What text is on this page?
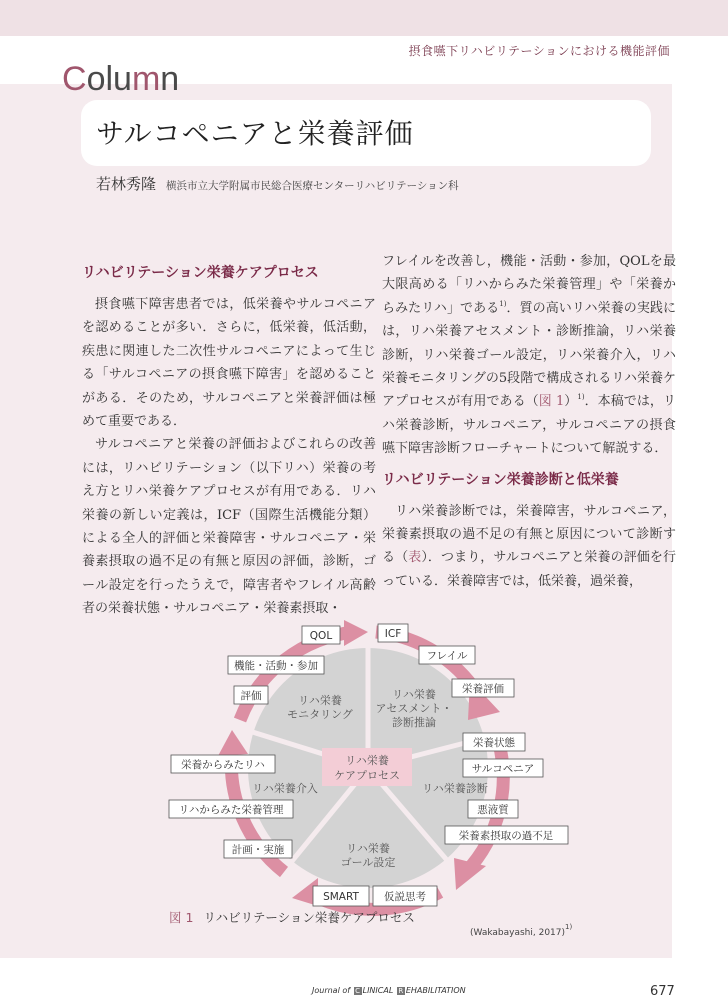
摂食嚥下リハビリテーションにおける機能評価
Column
サルコペニアと栄養評価
若林秀隆 横浜市立大学附属市民総合医療センターリハビリテーション科
リハビリテーション栄養ケアプロセス

摂食嚥下障害患者では，低栄養やサルコペニアを認めることが多い．さらに，低栄養，低活動，疾患に関連した二次性サルコペニアによって生じる「サルコペニアの摂食嚥下障害」を認めることがある．そのため，サルコペニアと栄養評価は極めて重要である．

サルコペニアと栄養の評価およびこれらの改善には，リハビリテーション（以下リハ）栄養の考え方とリハ栄養ケアプロセスが有用である．リハ栄養の新しい定義は，ICF（国際生活機能分類）による全人的評価と栄養障害・サルコペニア・栄養素摂取の過不足の有無と原因の評価，診断，ゴール設定を行ったうえで，障害者やフレイル高齢者の栄養状態・サルコペニア・栄養素摂取・

フレイルを改善し，機能・活動・参加，QOLを最大限高める「リハからみた栄養管理」や「栄養からみたリハ」である$^{1)}$．質の高いリハ栄養の実践には，リハ栄養アセスメント・診断推論，リハ栄養診断，リハ栄養ゴール設定，リハ栄養介入，リハ栄養モニタリングの5段階で構成されるリハ栄養ケアプロセスが有用である（図 1）$^{1)}$．本稿では，リハ栄養診断，サルコペニア，サルコペニアの摂食嚥下障害診断フローチャートについて解説する．

リハビリテーション栄養診断と低栄養

リハ栄養診断では，栄養障害，サルコペニア，栄養素摂取の過不足の有無と原因について診断する（表）．つまり，サルコペニアと栄養の評価を行っている．栄養障害では，低栄養，過栄養，

リハ栄養
ケアプロセス
リハ栄養
アセスメント・
診断推論
リハ栄養診断
リハ栄養
ゴール設定
リハ栄養介入
リハ栄養
モニタリング
QOL	ICF
フレイル
機能・活動・参加
栄養評価
評価
栄養状態
栄養からみたリハ	サルコペニア
悪液質
リハからみた栄養管理
栄養素摂取の過不足
計画・実施
SMART 仮説思考
図 1 リハビリテーション栄養ケアプロセス
(Wakabayashi, 2017)$^{1)}$
Journal of C LINICAL R EHABILITATION	677
